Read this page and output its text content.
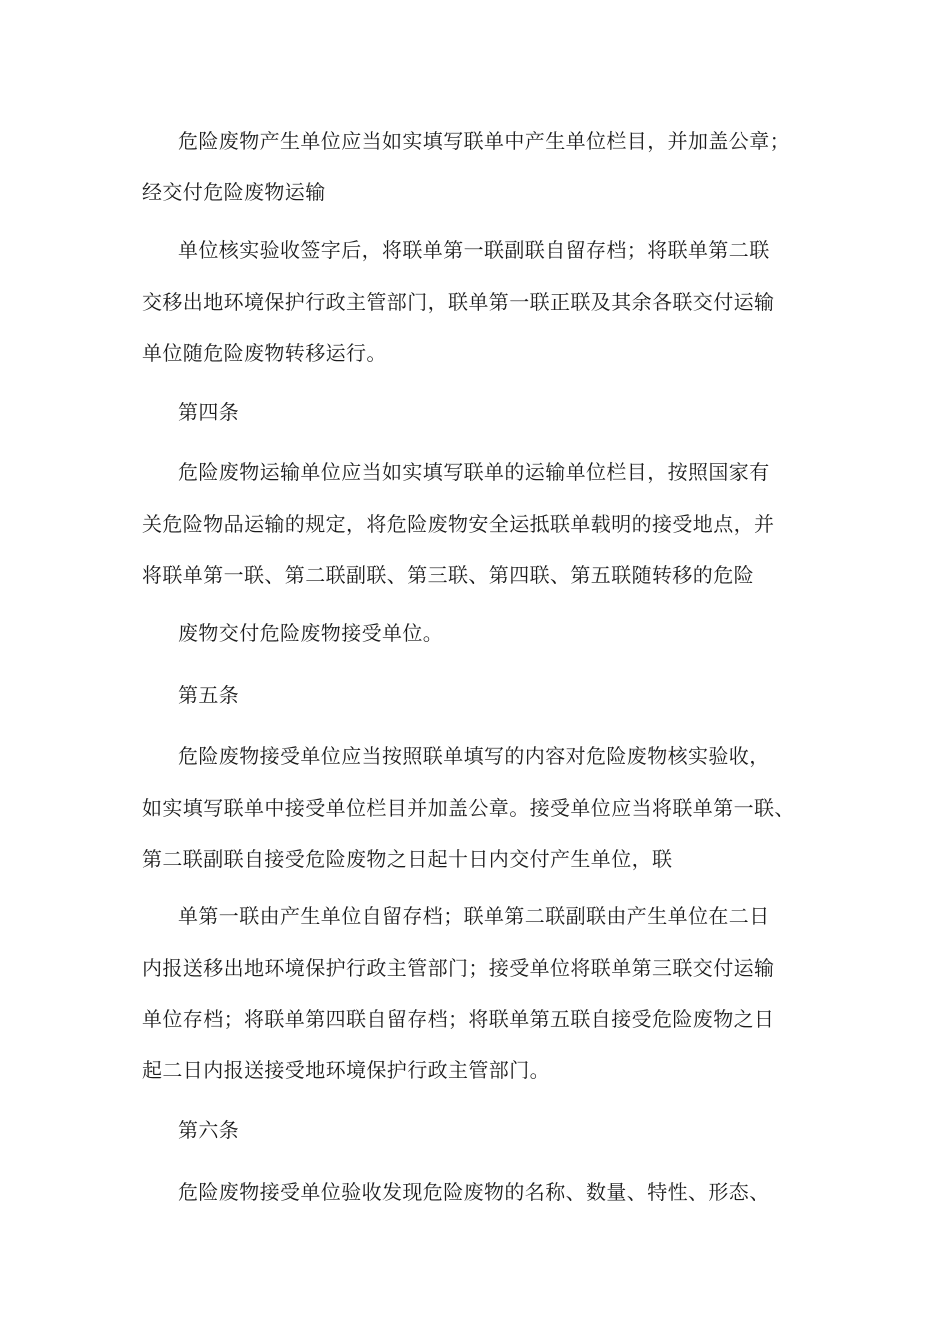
危险废物产生单位应当如实填写联单中产生单位栏目，并加盖公章；
经交付危险废物运输
单位核实验收签字后，将联单第一联副联自留存档；将联单第二联
交移出地环境保护行政主管部门，联单第一联正联及其余各联交付运输
单位随危险废物转移运行。
第四条
危险废物运输单位应当如实填写联单的运输单位栏目，按照国家有
关危险物品运输的规定，将危险废物安全运抵联单载明的接受地点，并
将联单第一联、第二联副联、第三联、第四联、第五联随转移的危险
废物交付危险废物接受单位。
第五条
危险废物接受单位应当按照联单填写的内容对危险废物核实验收，
如实填写联单中接受单位栏目并加盖公章。接受单位应当将联单第一联、
第二联副联自接受危险废物之日起十日内交付产生单位，联
单第一联由产生单位自留存档；联单第二联副联由产生单位在二日
内报送移出地环境保护行政主管部门；接受单位将联单第三联交付运输
单位存档；将联单第四联自留存档；将联单第五联自接受危险废物之日
起二日内报送接受地环境保护行政主管部门。
第六条
危险废物接受单位验收发现危险废物的名称、数量、特性、形态、
